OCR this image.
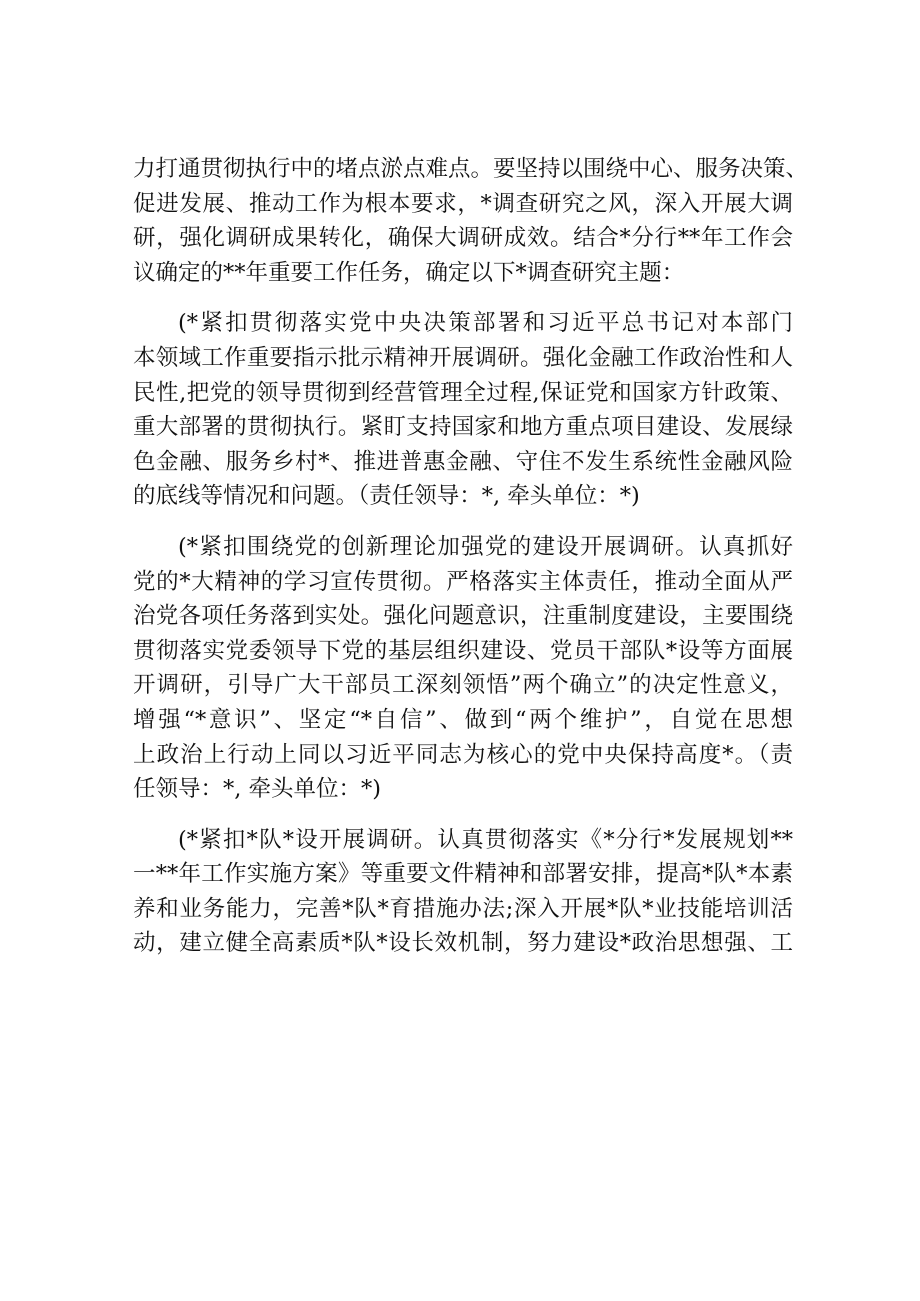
力打通贯彻执行中的堵点淤点难点。要坚持以围绕中心、服务决策、
促进发展、推动工作为根本要求，*调查研究之风，深入开展大调
研，强化调研成果转化，确保大调研成效。结合*分行**年工作会
议确定的**年重要工作任务，确定以下*调查研究主题：
(*紧扣贯彻落实党中央决策部署和习近平总书记对本部门
本领域工作重要指示批示精神开展调研。强化金融工作政治性和人
民性,把党的领导贯彻到经营管理全过程,保证党和国家方针政策、
重大部署的贯彻执行。紧盯支持国家和地方重点项目建设、发展绿
色金融、服务乡村*、推进普惠金融、守住不发生系统性金融风险
的底线等情况和问题。（责任领导：*, 牵头单位：*)
(*紧扣围绕党的创新理论加强党的建设开展调研。认真抓好
党的*大精神的学习宣传贯彻。严格落实主体责任，推动全面从严
治党各项任务落到实处。强化问题意识，注重制度建设，主要围绕
贯彻落实党委领导下党的基层组织建设、党员干部队*设等方面展
开调研，引导广大干部员工深刻领悟”两个确立”的决定性意义，
增强“*意识”、坚定“*自信”、做到“两个维护”，自觉在思想
上政治上行动上同以习近平同志为核心的党中央保持高度*。（责
任领导：*, 牵头单位：*)
(*紧扣*队*设开展调研。认真贯彻落实《*分行*发展规划**
一**年工作实施方案》等重要文件精神和部署安排，提高*队*本素
养和业务能力，完善*队*育措施办法;深入开展*队*业技能培训活
动，建立健全高素质*队*设长效机制，努力建设*政治思想强、工
